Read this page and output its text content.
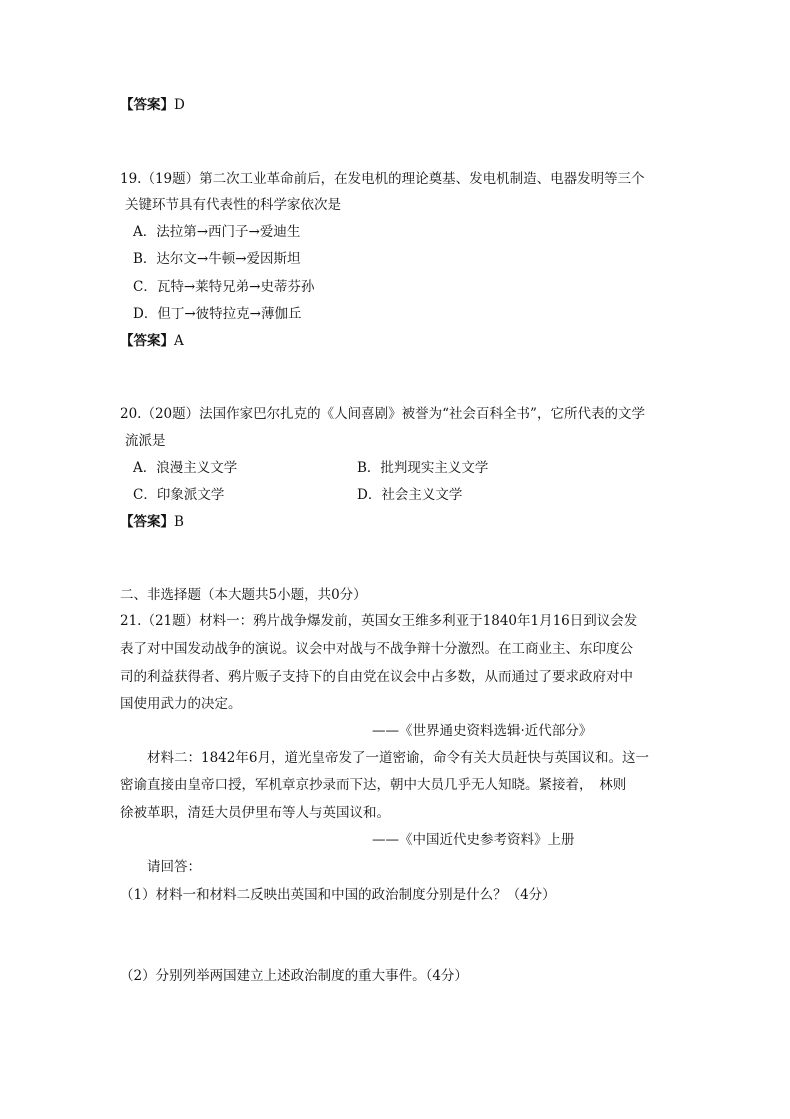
【答案】D
19.（19题）第二次工业革命前后，在发电机的理论奠基、发电机制造、电器发明等三个
关键环节具有代表性的科学家依次是
A．法拉第→西门子→爱迪生
B．达尔文→牛顿→爱因斯坦
C．瓦特→莱特兄弟→史蒂芬孙
D．但丁→彼特拉克→薄伽丘
【答案】A
20.（20题）法国作家巴尔扎克的《人间喜剧》被誉为“社会百科全书”，它所代表的文学
流派是
A．浪漫主义文学	B．批判现实主义文学
C．印象派文学	D．社会主义文学
【答案】B
二、非选择题（本大题共5小题，共0分）
21.（21题）材料一：鸦片战争爆发前，英国女王维多利亚于1840年1月16日到议会发
表了对中国发动战争的演说。议会中对战与不战争辩十分激烈。在工商业主、东印度公
司的利益获得者、鸦片贩子支持下的自由党在议会中占多数，从而通过了要求政府对中
国使用武力的决定。
——《世界通史资料选辑·近代部分》
材料二：1842年6月，道光皇帝发了一道密谕，命令有关大员赶快与英国议和。这一
密谕直接由皇帝口授，军机章京抄录而下达，朝中大员几乎无人知晓。紧接着，　林则
徐被革职，清廷大员伊里布等人与英国议和。
——《中国近代史参考资料》上册
请回答：
（1）材料一和材料二反映出英国和中国的政治制度分别是什么？（4分）
（2）分别列举两国建立上述政治制度的重大事件。（4分）
